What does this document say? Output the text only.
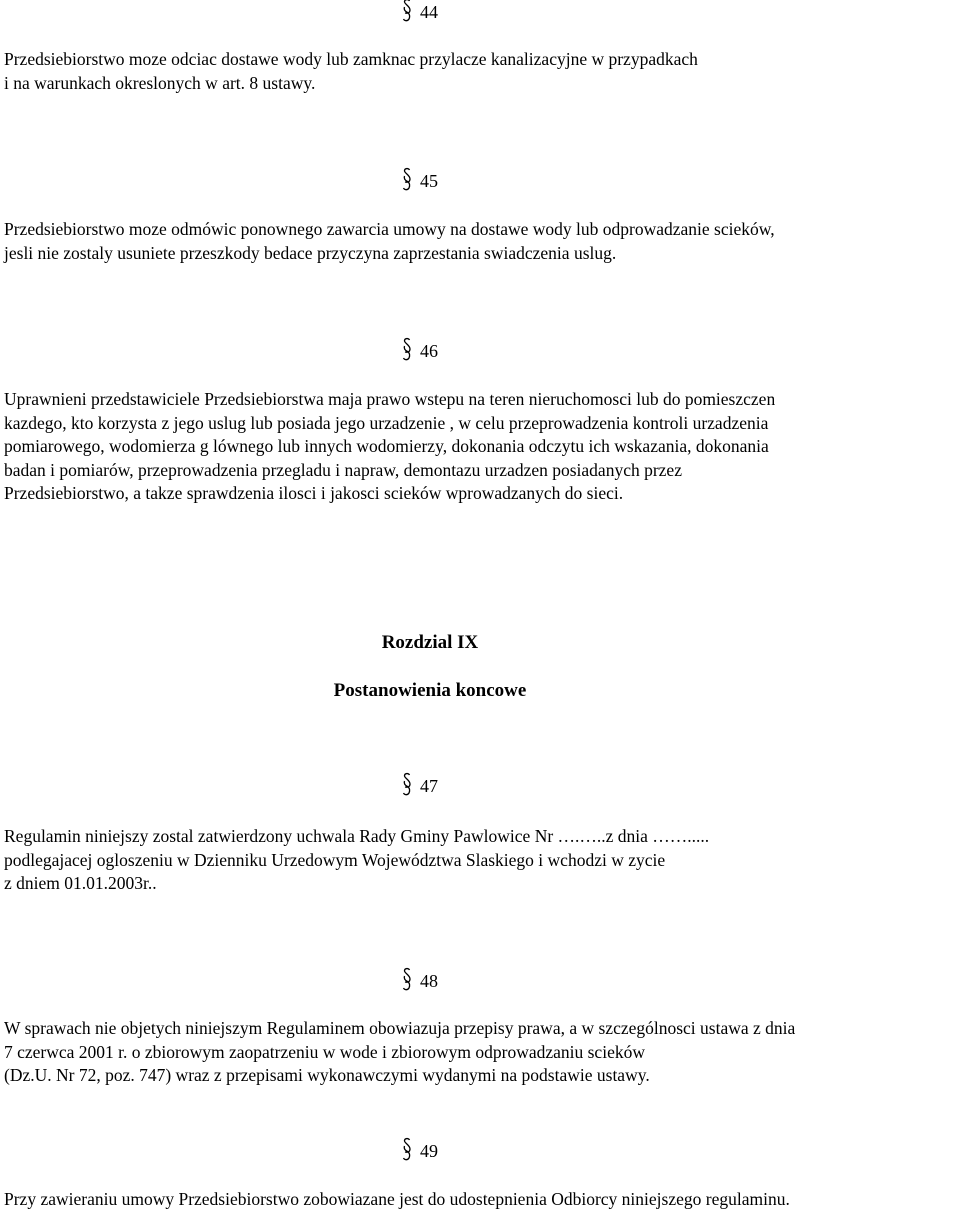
44

Przedsiebiorstwo moze odciac dostawe wody lub zamknac przylacze kanalizacyjne w przypadkach
i na warunkach okreslonych w art. 8 ustawy.

45

Przedsiebiorstwo moze odmówic ponownego zawarcia umowy na dostawe wody lub odprowadzanie scieków,
jesli nie zostaly usuniete przeszkody bedace przyczyna zaprzestania swiadczenia uslug.

46

Uprawnieni przedstawiciele Przedsiebiorstwa maja prawo wstepu na teren nieruchomosci lub do pomieszczen
kazdego, kto korzysta z jego uslug lub posiada jego urzadzenie , w celu przeprowadzenia kontroli urzadzenia
pomiarowego, wodomierza g lównego lub innych wodomierzy, dokonania odczytu ich wskazania, dokonania
badan i pomiarów, przeprowadzenia przegladu i napraw, demontazu urzadzen posiadanych przez
Przedsiebiorstwo, a takze sprawdzenia ilosci i jakosci scieków wprowadzanych do sieci.

Rozdzial IX
Postanowienia koncowe
47

Regulamin niniejszy zostal zatwierdzony uchwala Rady Gminy Pawlowice Nr ….…..z dnia …….....
podlegajacej ogloszeniu w Dzienniku Urzedowym Województwa Slaskiego i wchodzi w zycie
z dniem 01.01.2003r..

48

W sprawach nie objetych niniejszym Regulaminem obowiazuja przepisy prawa, a w szczególnosci ustawa z dnia
7 czerwca 2001 r. o zbiorowym zaopatrzeniu w wode i zbiorowym odprowadzaniu scieków
(Dz.U. Nr 72, poz. 747) wraz z przepisami wykonawczymi wydanymi na podstawie ustawy.

49

Przy zawieraniu umowy Przedsiebiorstwo zobowiazane jest do udostepnienia Odbiorcy niniejszego regulaminu.
